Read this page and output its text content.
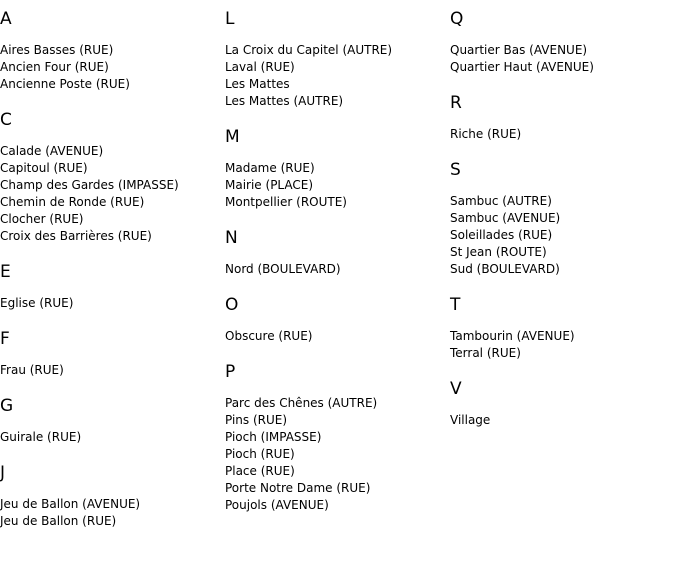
A
Aires Basses (RUE)
Ancien Four (RUE)
Ancienne Poste (RUE)
C
Calade (AVENUE)
Capitoul (RUE)
Champ des Gardes (IMPASSE)
Chemin de Ronde (RUE)
Clocher (RUE)
Croix des Barrières (RUE)
E
Eglise (RUE)
F
Frau (RUE)
G
Guirale (RUE)
J
Jeu de Ballon (AVENUE)
Jeu de Ballon (RUE)
L
La Croix du Capitel (AUTRE)
Laval (RUE)
Les Mattes
Les Mattes (AUTRE)
M
Madame (RUE)
Mairie (PLACE)
Montpellier (ROUTE)
N
Nord (BOULEVARD)
O
Obscure (RUE)
P
Parc des Chênes (AUTRE)
Pins (RUE)
Pioch (IMPASSE)
Pioch (RUE)
Place (RUE)
Porte Notre Dame (RUE)
Poujols (AVENUE)
Q
Quartier Bas (AVENUE)
Quartier Haut (AVENUE)
R
Riche (RUE)
S
Sambuc (AUTRE)
Sambuc (AVENUE)
Soleillades (RUE)
St Jean (ROUTE)
Sud (BOULEVARD)
T
Tambourin (AVENUE)
Terral (RUE)
V
Village
